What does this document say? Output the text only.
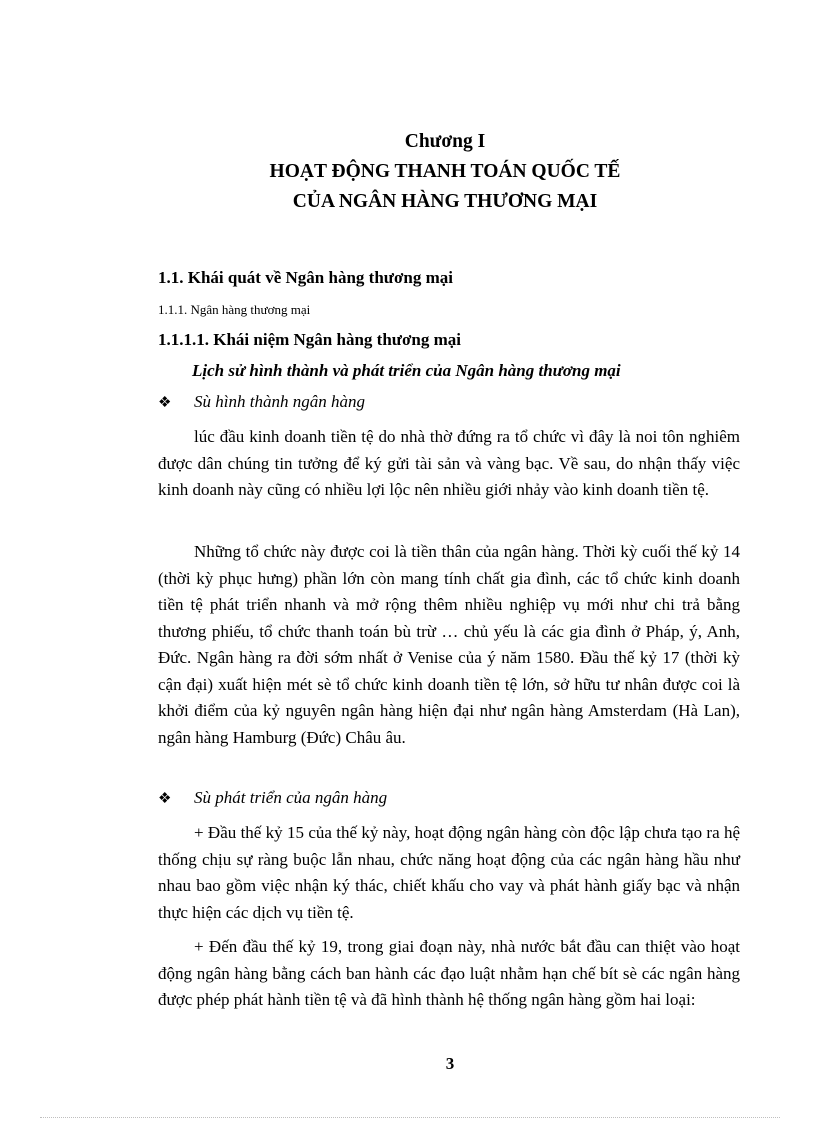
Chương I
HOẠT ĐỘNG THANH TOÁN QUỐC TẾ
CỦA NGÂN HÀNG THƯƠNG MẠI
1.1. Khái quát về Ngân hàng thương mại
1.1.1. Ngân hàng thương mại
1.1.1.1. Khái niệm Ngân hàng thương mại
Lịch sử hình thành và phát triển của Ngân hàng thương mại
❖ Sù hình thành ngân hàng

lúc đầu kinh doanh tiền tệ do nhà thờ đứng ra tổ chức vì đây là noi tôn nghiêm được dân chúng tin tưởng để ký gửi tài sản và vàng bạc. Về sau, do nhận thấy việc kinh doanh này cũng có nhiều lợi lộc nên nhiều giới nhảy vào kinh doanh tiền tệ.

Những tổ chức này được coi là tiền thân của ngân hàng. Thời kỳ cuối thế kỷ 14 (thời kỳ phục hưng) phần lớn còn mang tính chất gia đình, các tổ chức kinh doanh tiền tệ phát triển nhanh và mở rộng thêm nhiều nghiệp vụ mới như chi trả bằng thương phiếu, tổ chức thanh toán bù trừ … chủ yếu là các gia đình ở Pháp, ý, Anh, Đức. Ngân hàng ra đời sớm nhất ở Venise của ý năm 1580. Đầu thế kỷ 17 (thời kỳ cận đại) xuất hiện mét sè tổ chức kinh doanh tiền tệ lớn, sở hữu tư nhân được coi là khởi điểm của kỷ nguyên ngân hàng hiện đại như ngân hàng Amsterdam (Hà Lan), ngân hàng Hamburg (Đức) Châu âu.

❖ Sù phát triển của ngân hàng

+ Đầu thế kỷ 15 của thế kỷ này, hoạt động ngân hàng còn độc lập chưa tạo ra hệ thống chịu sự ràng buộc lẫn nhau, chức năng hoạt động của các ngân hàng hầu như nhau bao gồm việc nhận ký thác, chiết khấu cho vay và phát hành giấy bạc và nhận thực hiện các dịch vụ tiền tệ.

+ Đến đầu thế kỷ 19, trong giai đoạn này, nhà nước bắt đầu can thiệt vào hoạt động ngân hàng bằng cách ban hành các đạo luật nhằm hạn chế bít sè các ngân hàng được phép phát hành tiền tệ và đã hình thành hệ thống ngân hàng gồm hai loại:

3
